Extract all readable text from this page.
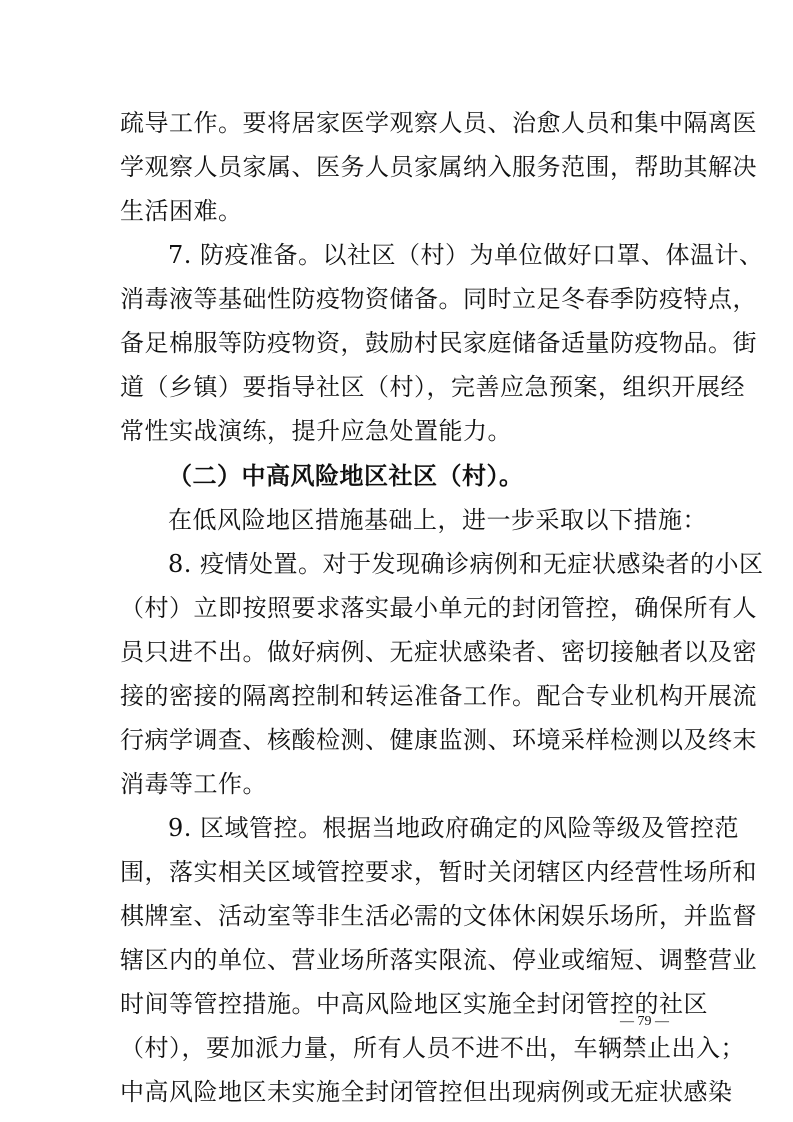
疏导工作。要将居家医学观察人员、治愈人员和集中隔离医
学观察人员家属、医务人员家属纳入服务范围，帮助其解决
生活困难。
7. 防疫准备。以社区（村）为单位做好口罩、体温计、
消毒液等基础性防疫物资储备。同时立足冬春季防疫特点，
备足棉服等防疫物资，鼓励村民家庭储备适量防疫物品。街
道（乡镇）要指导社区（村），完善应急预案，组织开展经
常性实战演练，提升应急处置能力。
（二）中高风险地区社区（村）。
在低风险地区措施基础上，进一步采取以下措施：
8. 疫情处置。对于发现确诊病例和无症状感染者的小区
（村）立即按照要求落实最小单元的封闭管控，确保所有人
员只进不出。做好病例、无症状感染者、密切接触者以及密
接的密接的隔离控制和转运准备工作。配合专业机构开展流
行病学调查、核酸检测、健康监测、环境采样检测以及终末
消毒等工作。
9. 区域管控。根据当地政府确定的风险等级及管控范
围，落实相关区域管控要求，暂时关闭辖区内经营性场所和
棋牌室、活动室等非生活必需的文体休闲娱乐场所，并监督
辖区内的单位、营业场所落实限流、停业或缩短、调整营业
时间等管控措施。中高风险地区实施全封闭管控的社区
（村），要加派力量，所有人员不进不出，车辆禁止出入；
中高风险地区未实施全封闭管控但出现病例或无症状感染
— 79 —
